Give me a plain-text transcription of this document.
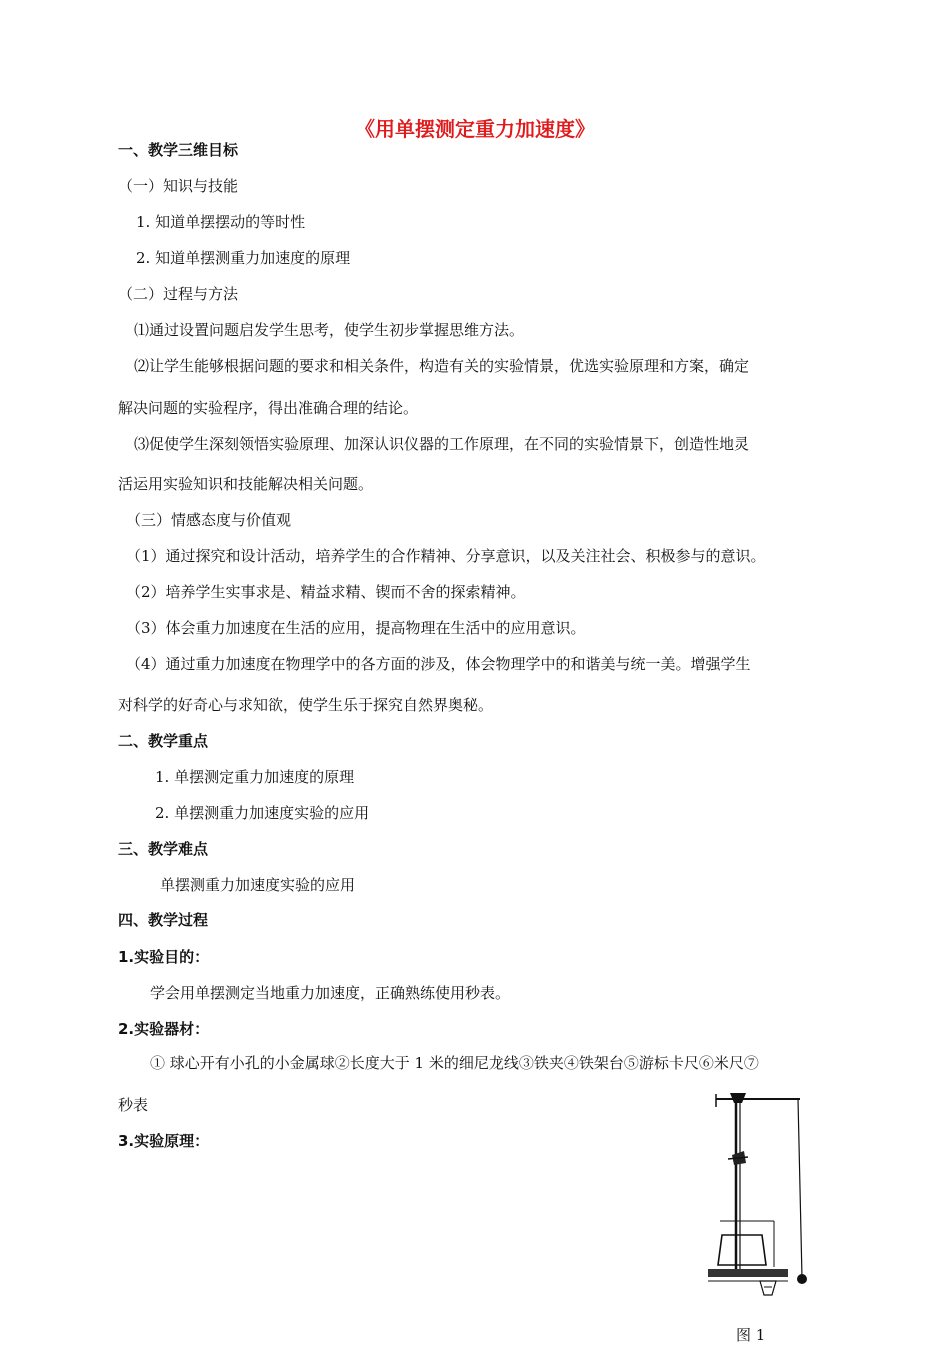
《用单摆测定重力加速度》
一、教学三维目标
（一）知识与技能
1. 知道单摆摆动的等时性
2. 知道单摆测重力加速度的原理
（二）过程与方法
⑴通过设置问题启发学生思考，使学生初步掌握思维方法。
⑵让学生能够根据问题的要求和相关条件，构造有关的实验情景，优选实验原理和方案，确定
解决问题的实验程序，得出准确合理的结论。
⑶促使学生深刻领悟实验原理、加深认识仪器的工作原理，在不同的实验情景下，创造性地灵
活运用实验知识和技能解决相关问题。
（三）情感态度与价值观
（1）通过探究和设计活动，培养学生的合作精神、分享意识，以及关注社会、积极参与的意识。
（2）培养学生实事求是、精益求精、锲而不舍的探索精神。
（3）体会重力加速度在生活的应用，提高物理在生活中的应用意识。
（4）通过重力加速度在物理学中的各方面的涉及，体会物理学中的和谐美与统一美。增强学生
对科学的好奇心与求知欲，使学生乐于探究自然界奥秘。
二、教学重点
1. 单摆测定重力加速度的原理
2. 单摆测重力加速度实验的应用
三、教学难点
单摆测重力加速度实验的应用
四、教学过程
1.实验目的：
学会用单摆测定当地重力加速度，正确熟练使用秒表。
2.实验器材：
① 球心开有小孔的小金属球②长度大于 1 米的细尼龙线③铁夹④铁架台⑤游标卡尺⑥米尺⑦
秒表
3.实验原理：
图 1
